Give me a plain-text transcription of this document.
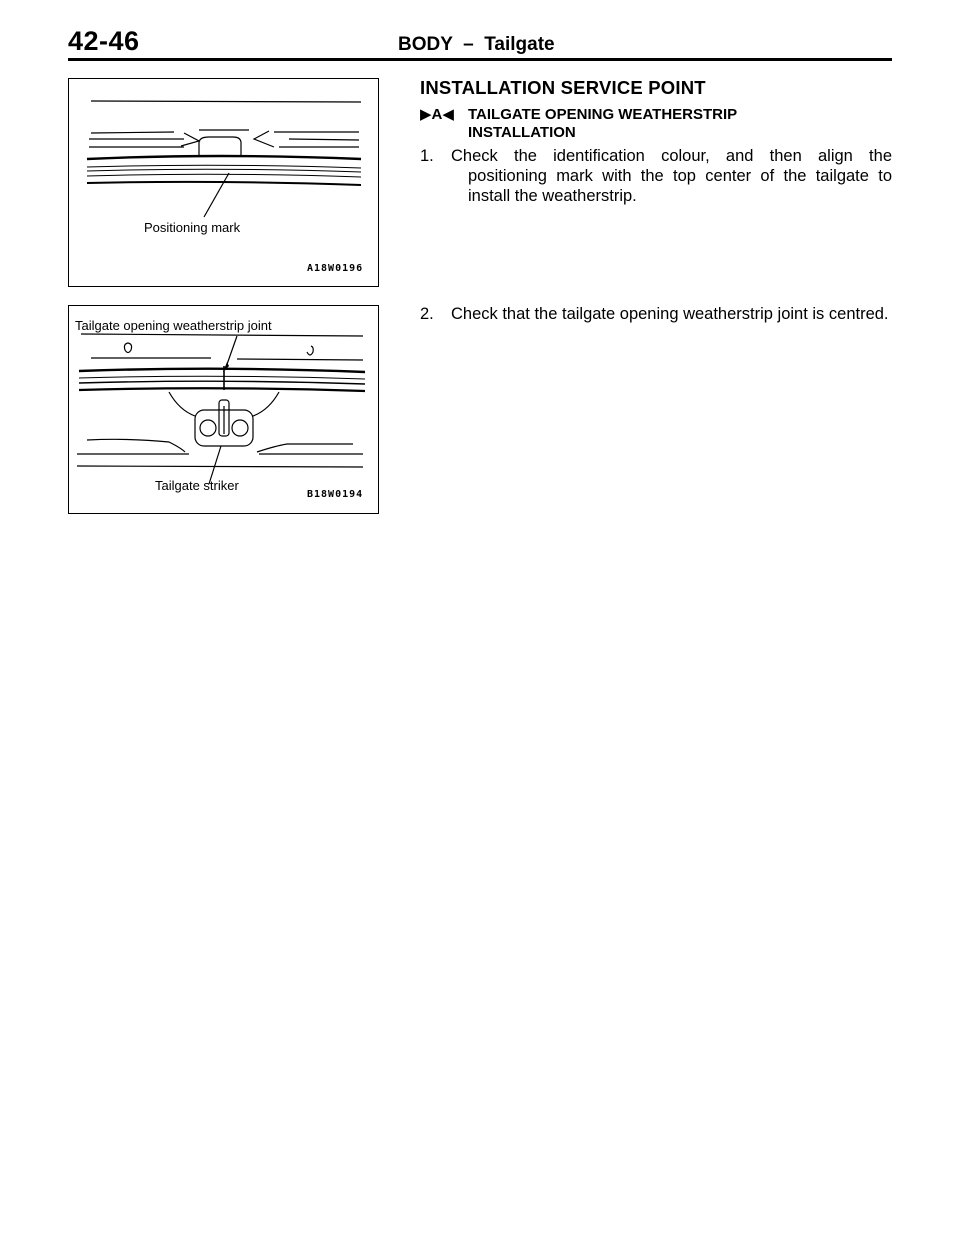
42-46	BODY  –  Tailgate
Positioning mark
A18W0196
Tailgate opening weatherstrip joint
Tailgate striker
B18W0194
INSTALLATION SERVICE POINT
▶A◀ TAILGATE OPENING WEATHERSTRIP INSTALLATION
1. Check the identification colour, and then align the positioning mark with the top center of the tailgate to install the weatherstrip.
2. Check that the tailgate opening weatherstrip joint is centred.
